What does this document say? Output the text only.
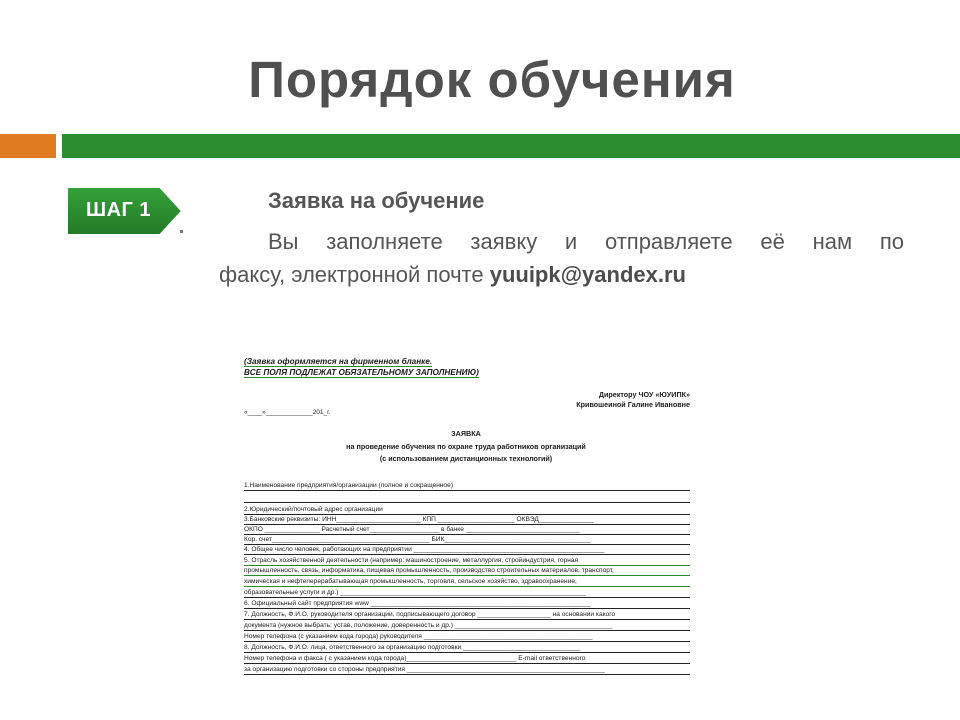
Порядок обучения
ШАГ 1	Заявка на обучение
Вы заполняете заявку и отправляете её нам по
факсу, электронной почте yuuipk@yandex.ru
(Заявка оформляется на фирменном бланке.
ВСЕ ПОЛЯ ПОДЛЕЖАТ ОБЯЗАТЕЛЬНОМУ ЗАПОЛНЕНИЮ)
Директору ЧОУ «ЮУИПК»
Кривошеиной Галине Ивановне
«____»_____________201_г.
ЗАЯВКА
на проведение обучения по охране труда работников организаций
(с использованием дистанционных технологий)
1.Наименование предприятия/организации (полное и сокращенное)
2.Юридический/почтовый адрес организации
3.Банковские реквизиты: ИНН_______________________ КПП _____________________ ОКВЭД_______________
ОКПО _______________ Расчетный счет___________________ в банке _______________________________
Кор. счет___________________________________________ БИК________________________________________
4. Общее число человек, работающих на предприятии ____________________________________________________
5. Отрасль хозяйственной деятельности (например: машиностроение, металлургия, стройиндустрия, горная
промышленность, связь, информатика, пищевая промышленность, производство строительных материалов, транспорт,
химическая и нефтеперерабатывающая промышленность, торговля, сельское хозяйство, здравоохранение,
образовательные услуги и др.) ___________________________________________________________________
6. Официальный сайт предприятия www ____________________________________________________________
7. Должность, Ф.И.О. руководителя организации, подписывающего договор ____________________ на основании какого
документа (нужное выбрать: устав, положение, доверенность и др.) ___________________________________________
Номер телефона (с указанием кода города) руководителя ______________________________________________
8. Должность, Ф.И.О. лица, ответственного за организацию подготовки ________________________________
Номер телефона и факса ( с указанием кода города)______________________________ E-mail ответственного
за организацию подготовки со стороны предприятия ______________________________________________________
